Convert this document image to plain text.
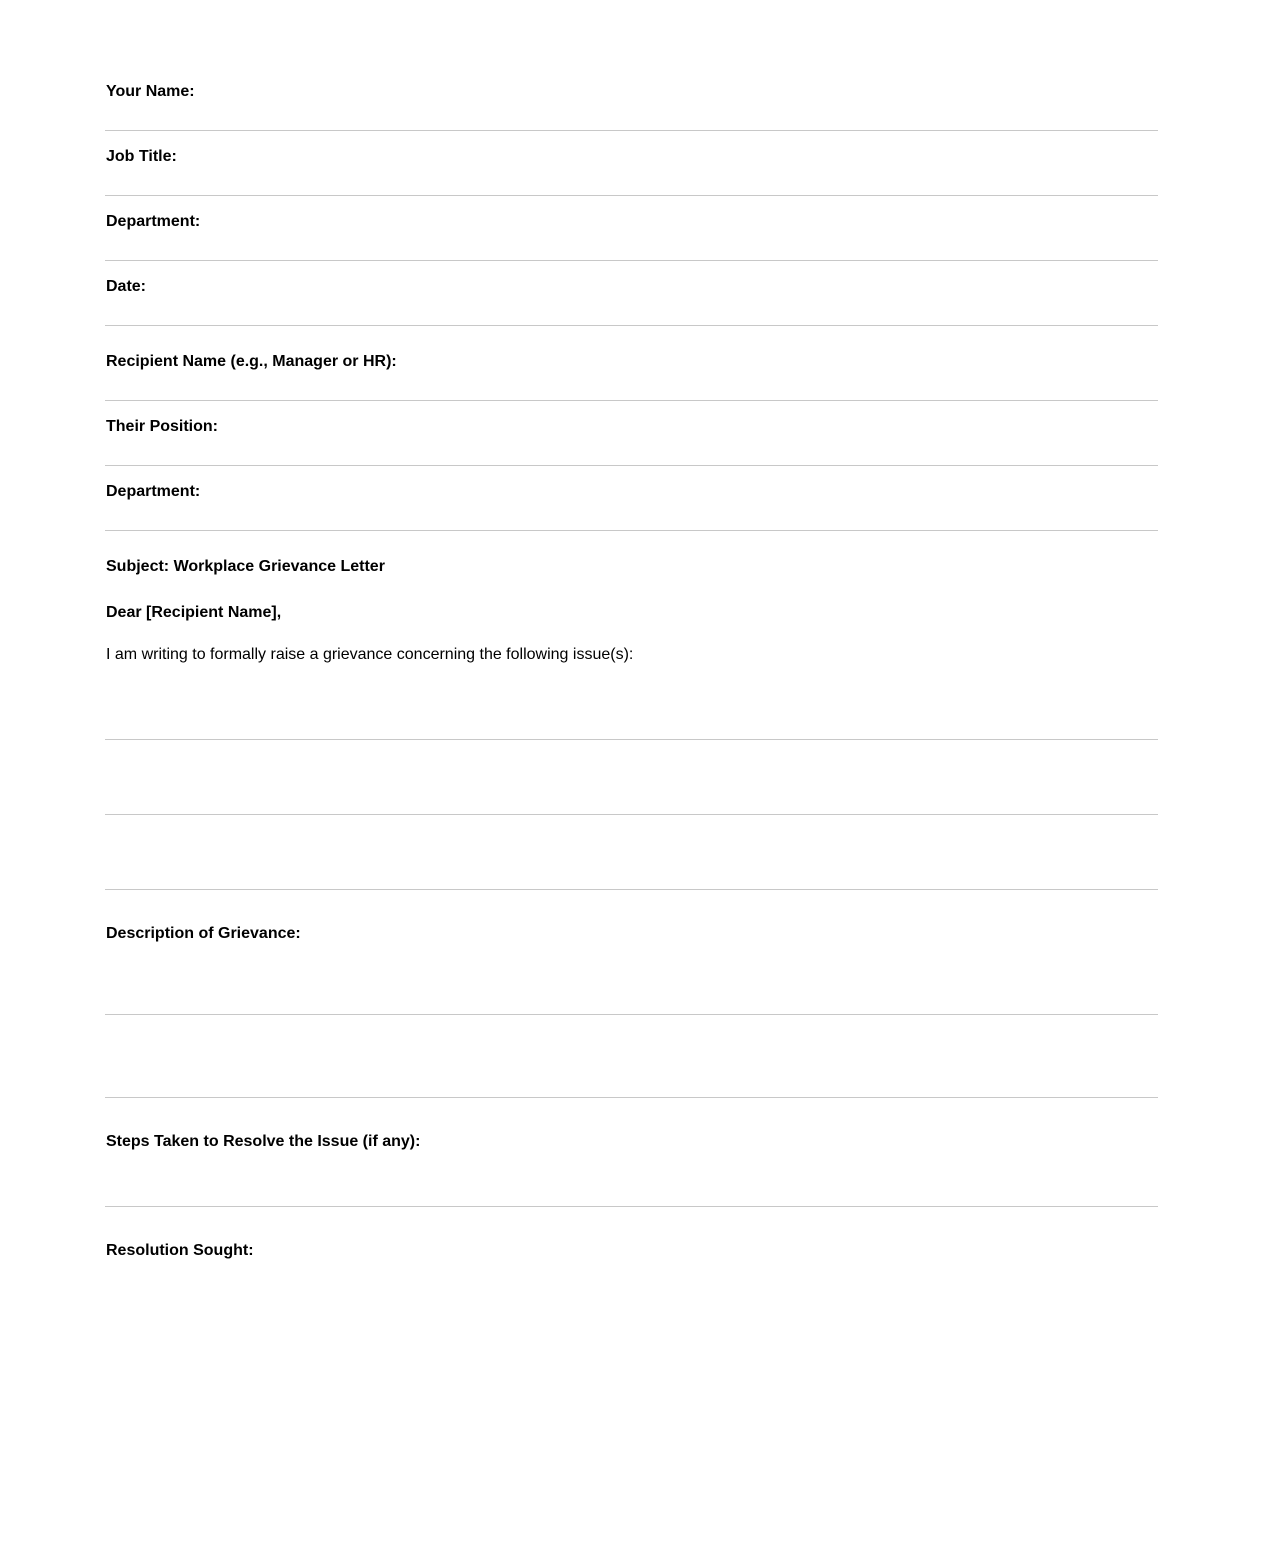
Your Name:
Job Title:
Department:
Date:
Recipient Name (e.g., Manager or HR):
Their Position:
Department:
Subject: Workplace Grievance Letter
Dear [Recipient Name],
I am writing to formally raise a grievance concerning the following issue(s):
Description of Grievance:
Steps Taken to Resolve the Issue (if any):
Resolution Sought:
